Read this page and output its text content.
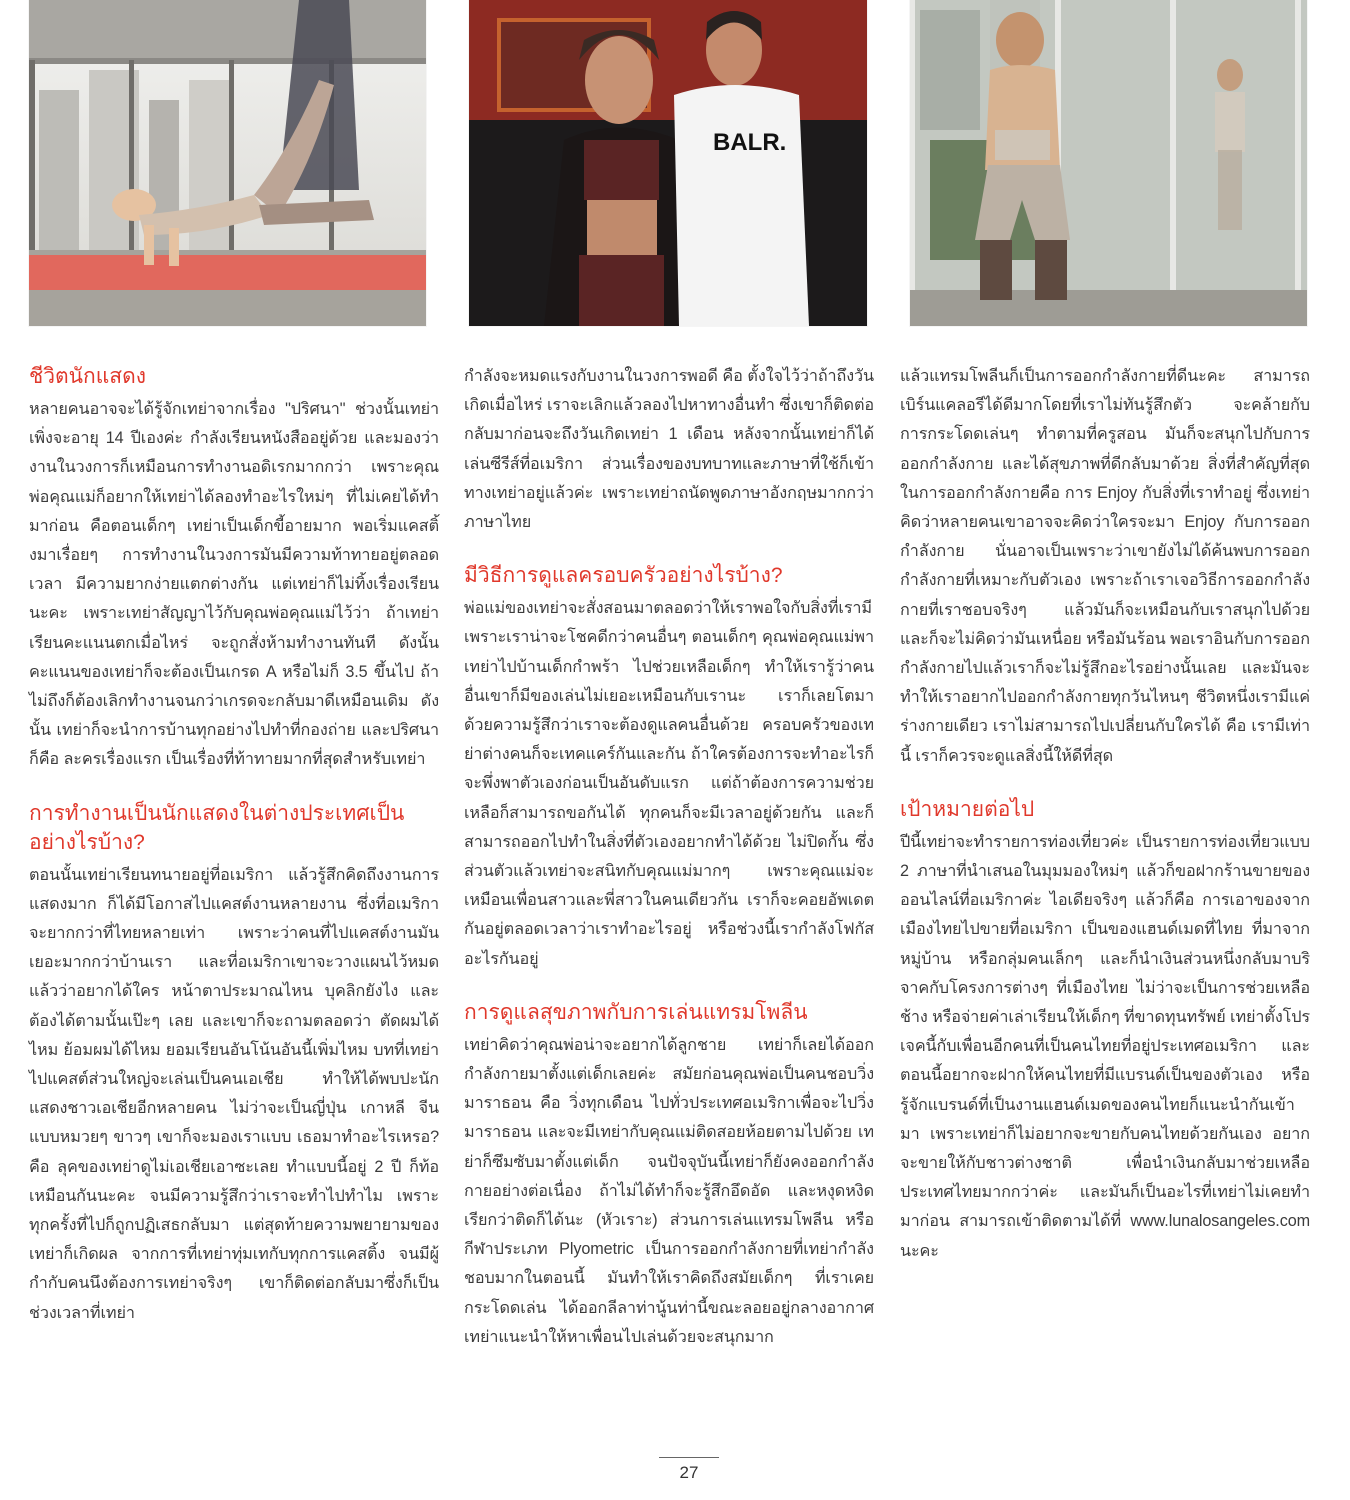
BALR.
ชีวิตนักแสดง

หลายคนอาจจะได้รู้จักเทย่าจากเรื่อง "ปริศนา" ช่วงนั้นเทย่าเพิ่งจะอายุ 14 ปีเองค่ะ กำลังเรียนหนังสืออยู่ด้วย และมองว่างานในวงการก็เหมือนการทำงานอดิเรกมากกว่า เพราะคุณพ่อคุณแม่ก็อยากให้เทย่าได้ลองทำอะไรใหม่ๆ ที่ไม่เคยได้ทำมาก่อน คือตอนเด็กๆ เทย่าเป็นเด็กขี้อายมาก พอเริ่มแคสติ้งมาเรื่อยๆ การทำงานในวงการมันมีความท้าทายอยู่ตลอดเวลา มีความยากง่ายแตกต่างกัน แต่เทย่าก็ไม่ทิ้งเรื่องเรียนนะคะ เพราะเทย่าสัญญาไว้กับคุณพ่อคุณแม่ไว้ว่า ถ้าเทย่าเรียนคะแนนตกเมื่อไหร่ จะถูกสั่งห้ามทำงานทันที ดังนั้นคะแนนของเทย่าก็จะต้องเป็นเกรด A หรือไม่ก็ 3.5 ขึ้นไป ถ้าไม่ถึงก็ต้องเลิกทำงานจนกว่าเกรดจะกลับมาดีเหมือนเดิม ดังนั้น เทย่าก็จะนำการบ้านทุกอย่างไปทำที่กองถ่าย และปริศนาก็คือ ละครเรื่องแรก เป็นเรื่องที่ท้าทายมากที่สุดสำหรับเทย่า

การทำงานเป็นนักแสดงในต่างประเทศเป็นอย่างไรบ้าง?

ตอนนั้นเทย่าเรียนทนายอยู่ที่อเมริกา แล้วรู้สึกคิดถึงงานการแสดงมาก ก็ได้มีโอกาสไปแคสต์งานหลายงาน ซึ่งที่อเมริกาจะยากกว่าที่ไทยหลายเท่า เพราะว่าคนที่ไปแคสต์งานมันเยอะมากกว่าบ้านเรา และที่อเมริกาเขาจะวางแผนไว้หมดแล้วว่าอยากได้ใคร หน้าตาประมาณไหน บุคลิกยังไง และต้องได้ตามนั้นเป๊ะๆ เลย และเขาก็จะถามตลอดว่า ตัดผมได้ไหม ย้อมผมได้ไหม ยอมเรียนอันโน้นอันนี้เพิ่มไหม บทที่เทย่าไปแคสต์ส่วนใหญ่จะเล่นเป็นคนเอเชีย ทำให้ได้พบปะนักแสดงชาวเอเชียอีกหลายคน ไม่ว่าจะเป็นญี่ปุ่น เกาหลี จีน แบบหมวยๆ ขาวๆ เขาก็จะมองเราแบบ เธอมาทำอะไรเหรอ? คือ ลุคของเทย่าดูไม่เอเชียเอาซะเลย ทำแบบนี้อยู่ 2 ปี ก็ท้อเหมือนกันนะคะ จนมีความรู้สึกว่าเราจะทำไปทำไม เพราะทุกครั้งที่ไปก็ถูกปฏิเสธกลับมา แต่สุดท้ายความพยายามของเทย่าก็เกิดผล จากการที่เทย่าทุ่มเทกับทุกการแคสติ้ง จนมีผู้กำกับคนนึงต้องการเทย่าจริงๆ เขาก็ติดต่อกลับมาซึ่งก็เป็นช่วงเวลาที่เทย่า

กำลังจะหมดแรงกับงานในวงการพอดี คือ ตั้งใจไว้ว่าถ้าถึงวันเกิดเมื่อไหร่ เราจะเลิกแล้วลองไปหาทางอื่นทำ ซึ่งเขาก็ติดต่อกลับมาก่อนจะถึงวันเกิดเทย่า 1 เดือน หลังจากนั้นเทย่าก็ได้เล่นซีรีส์ที่อเมริกา ส่วนเรื่องของบทบาทและภาษาที่ใช้ก็เข้าทางเทย่าอยู่แล้วค่ะ เพราะเทย่าถนัดพูดภาษาอังกฤษมากกว่าภาษาไทย

มีวิธีการดูแลครอบครัวอย่างไรบ้าง?

พ่อแม่ของเทย่าจะสั่งสอนมาตลอดว่าให้เราพอใจกับสิ่งที่เรามี เพราะเราน่าจะโชคดีกว่าคนอื่นๆ ตอนเด็กๆ คุณพ่อคุณแม่พาเทย่าไปบ้านเด็กกำพร้า ไปช่วยเหลือเด็กๆ ทำให้เรารู้ว่าคนอื่นเขาก็มีของเล่นไม่เยอะเหมือนกับเรานะ เราก็เลยโตมาด้วยความรู้สึกว่าเราจะต้องดูแลคนอื่นด้วย ครอบครัวของเทย่าต่างคนก็จะเทคแคร์กันและกัน ถ้าใครต้องการจะทำอะไรก็จะพึ่งพาตัวเองก่อนเป็นอันดับแรก แต่ถ้าต้องการความช่วยเหลือก็สามารถขอกันได้ ทุกคนก็จะมีเวลาอยู่ด้วยกัน และก็สามารถออกไปทำในสิ่งที่ตัวเองอยากทำได้ด้วย ไม่ปิดกั้น ซึ่งส่วนตัวแล้วเทย่าจะสนิทกับคุณแม่มากๆ เพราะคุณแม่จะเหมือนเพื่อนสาวและพี่สาวในคนเดียวกัน เราก็จะคอยอัพเดตกันอยู่ตลอดเวลาว่าเราทำอะไรอยู่ หรือช่วงนี้เรากำลังโฟกัสอะไรกันอยู่

การดูแลสุขภาพกับการเล่นแทรมโพลีน

เทย่าคิดว่าคุณพ่อน่าจะอยากได้ลูกชาย เทย่าก็เลยได้ออกกำลังกายมาตั้งแต่เด็กเลยค่ะ สมัยก่อนคุณพ่อเป็นคนชอบวิ่งมาราธอน คือ วิ่งทุกเดือน ไปทั่วประเทศอเมริกาเพื่อจะไปวิ่งมาราธอน และจะมีเทย่ากับคุณแม่ติดสอยห้อยตามไปด้วย เทย่าก็ซึมซับมาตั้งแต่เด็ก จนปัจจุบันนี้เทย่าก็ยังคงออกกำลังกายอย่างต่อเนื่อง ถ้าไม่ได้ทำก็จะรู้สึกอึดอัด และหงุดหงิด เรียกว่าติดก็ได้นะ (หัวเราะ) ส่วนการเล่นแทรมโพลีน หรือกีฬาประเภท Plyometric เป็นการออกกำลังกายที่เทย่ากำลังชอบมากในตอนนี้ มันทำให้เราคิดถึงสมัยเด็กๆ ที่เราเคยกระโดดเล่น ได้ออกลีลาท่านู้นท่านี้ขณะลอยอยู่กลางอากาศ เทย่าแนะนำให้หาเพื่อนไปเล่นด้วยจะสนุกมาก

แล้วแทรมโพลีนก็เป็นการออกกำลังกายที่ดีนะคะ สามารถเบิร์นแคลอรีได้ดีมากโดยที่เราไม่ทันรู้สึกตัว จะคล้ายกับการกระโดดเล่นๆ ทำตามที่ครูสอน มันก็จะสนุกไปกับการออกกำลังกาย และได้สุขภาพที่ดีกลับมาด้วย สิ่งที่สำคัญที่สุดในการออกกำลังกายคือ การ Enjoy กับสิ่งที่เราทำอยู่ ซึ่งเทย่าคิดว่าหลายคนเขาอาจจะคิดว่าใครจะมา Enjoy กับการออกกำลังกาย นั่นอาจเป็นเพราะว่าเขายังไม่ได้ค้นพบการออกกำลังกายที่เหมาะกับตัวเอง เพราะถ้าเราเจอวิธีการออกกำลังกายที่เราชอบจริงๆ แล้วมันก็จะเหมือนกับเราสนุกไปด้วย และก็จะไม่คิดว่ามันเหนื่อย หรือมันร้อน พอเราอินกับการออกกำลังกายไปแล้วเราก็จะไม่รู้สึกอะไรอย่างนั้นเลย และมันจะทำให้เราอยากไปออกกำลังกายทุกวันไหนๆ ชีวิตหนึ่งเรามีแค่ร่างกายเดียว เราไม่สามารถไปเปลี่ยนกับใครได้ คือ เรามีเท่านี้ เราก็ควรจะดูแลสิ่งนี้ให้ดีที่สุด

เป้าหมายต่อไป

ปีนี้เทย่าจะทำรายการท่องเที่ยวค่ะ เป็นรายการท่องเที่ยวแบบ 2 ภาษาที่นำเสนอในมุมมองใหม่ๆ แล้วก็ขอฝากร้านขายของออนไลน์ที่อเมริกาค่ะ ไอเดียจริงๆ แล้วก็คือ การเอาของจากเมืองไทยไปขายที่อเมริกา เป็นของแฮนด์เมดที่ไทย ที่มาจากหมู่บ้าน หรือกลุ่มคนเล็กๆ และก็นำเงินส่วนหนึ่งกลับมาบริจาคกับโครงการต่างๆ ที่เมืองไทย ไม่ว่าจะเป็นการช่วยเหลือช้าง หรือจ่ายค่าเล่าเรียนให้เด็กๆ ที่ขาดทุนทรัพย์ เทย่าตั้งโปรเจคนี้กับเพื่อนอีกคนที่เป็นคนไทยที่อยู่ประเทศอเมริกา และตอนนี้อยากจะฝากให้คนไทยที่มีแบรนด์เป็นของตัวเอง หรือรู้จักแบรนด์ที่เป็นงานแฮนด์เมดของคนไทยก็แนะนำกันเข้ามา เพราะเทย่าก็ไม่อยากจะขายกับคนไทยด้วยกันเอง อยากจะขายให้กับชาวต่างชาติ เพื่อนำเงินกลับมาช่วยเหลือประเทศไทยมากกว่าค่ะ และมันก็เป็นอะไรที่เทย่าไม่เคยทำมาก่อน สามารถเข้าติดตามได้ที่ www.lunalosangeles.com นะคะ

27
